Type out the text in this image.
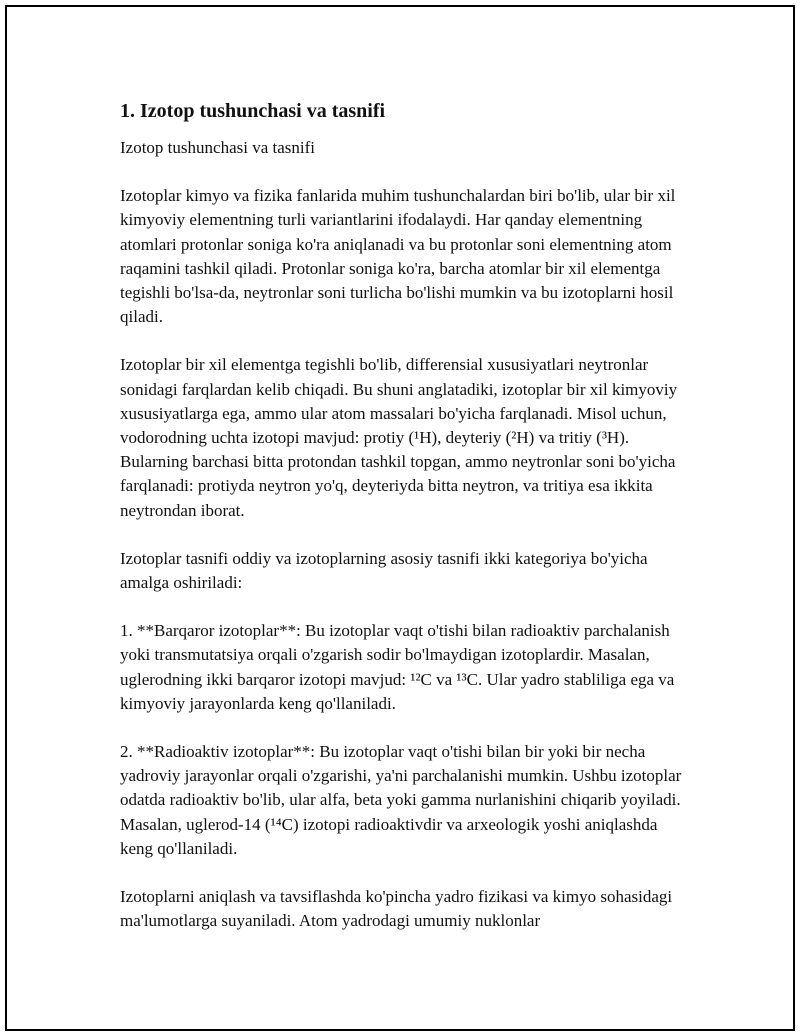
1. Izotop tushunchasi va tasnifi

Izotop tushunchasi va tasnifi

Izotoplar kimyo va fizika fanlarida muhim tushunchalardan biri bo'lib, ular bir xil kimyoviy elementning turli variantlarini ifodalaydi. Har qanday elementning atomlari protonlar soniga ko'ra aniqlanadi va bu protonlar soni elementning atom raqamini tashkil qiladi. Protonlar soniga ko'ra, barcha atomlar bir xil elementga tegishli bo'lsa-da, neytronlar soni turlicha bo'lishi mumkin va bu izotoplarni hosil qiladi.

Izotoplar bir xil elementga tegishli bo'lib, differensial xususiyatlari neytronlar sonidagi farqlardan kelib chiqadi. Bu shuni anglatadiki, izotoplar bir xil kimyoviy xususiyatlarga ega, ammo ular atom massalari bo'yicha farqlanadi. Misol uchun, vodorodning uchta izotopi mavjud: protiy (¹H), deyteriy (²H) va tritiy (³H). Bularning barchasi bitta protondan tashkil topgan, ammo neytronlar soni bo'yicha farqlanadi: protiyda neytron yo'q, deyteriyda bitta neytron, va tritiya esa ikkita neytrondan iborat.

Izotoplar tasnifi oddiy va izotoplarning asosiy tasnifi ikki kategoriya bo'yicha amalga oshiriladi:

1. **Barqaror izotoplar**: Bu izotoplar vaqt o'tishi bilan radioaktiv parchalanish yoki transmutatsiya orqali o'zgarish sodir bo'lmaydigan izotoplardir. Masalan, uglerodning ikki barqaror izotopi mavjud: ¹²C va ¹³C. Ular yadro stabliliga ega va kimyoviy jarayonlarda keng qo'llaniladi.

2. **Radioaktiv izotoplar**: Bu izotoplar vaqt o'tishi bilan bir yoki bir necha yadroviy jarayonlar orqali o'zgarishi, ya'ni parchalanishi mumkin. Ushbu izotoplar odatda radioaktiv bo'lib, ular alfa, beta yoki gamma nurlanishini chiqarib yoyiladi. Masalan, uglerod-14 (¹⁴C) izotopi radioaktivdir va arxeologik yoshi aniqlashda keng qo'llaniladi.

Izotoplarni aniqlash va tavsiflashda ko'pincha yadro fizikasi va kimyo sohasidagi ma'lumotlarga suyaniladi. Atom yadrodagi umumiy nuklonlar
